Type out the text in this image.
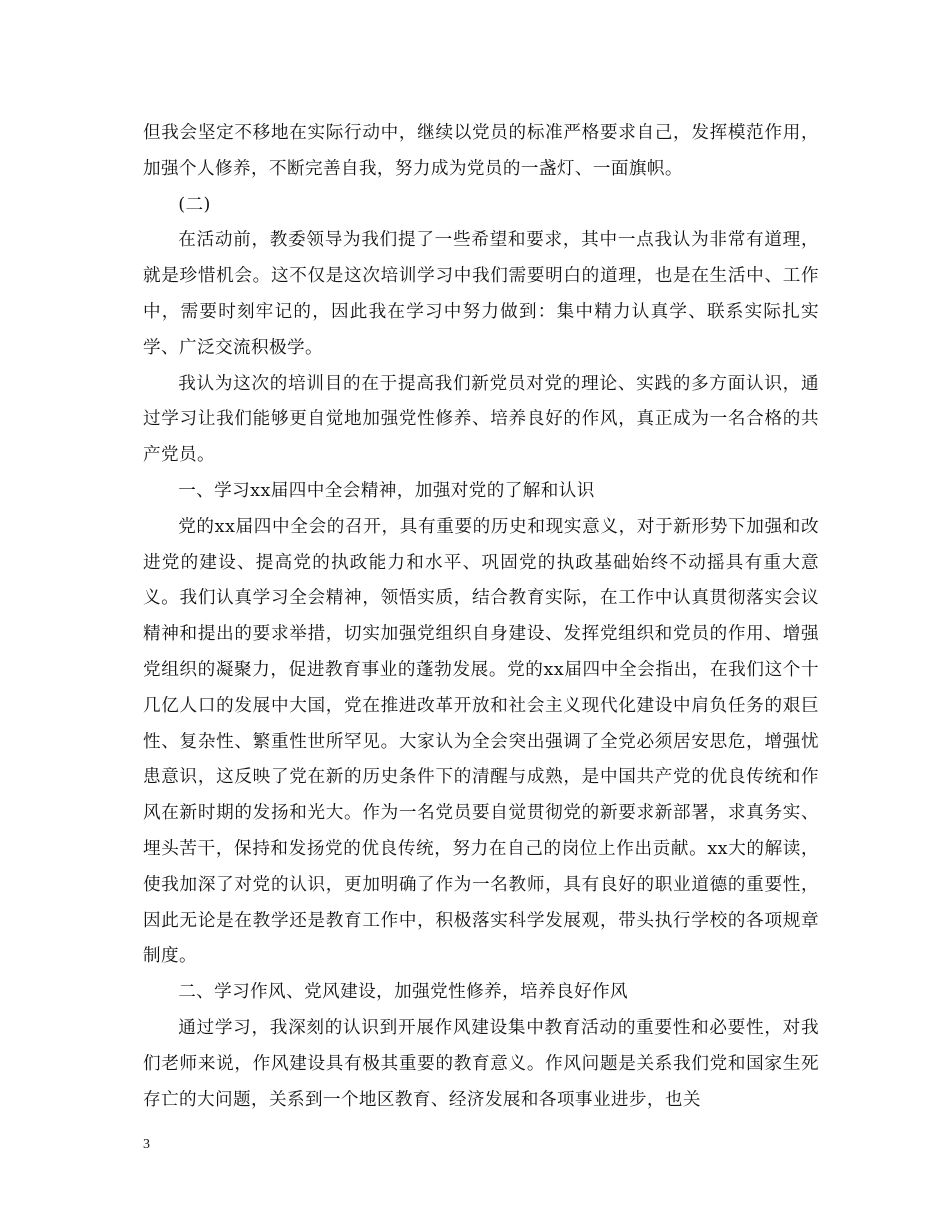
但我会坚定不移地在实际行动中，继续以党员的标准严格要求自己，发挥模范作用，加强个人修养，不断完善自我，努力成为党员的一盏灯、一面旗帜。

(二)

在活动前，教委领导为我们提了一些希望和要求，其中一点我认为非常有道理，就是珍惜机会。这不仅是这次培训学习中我们需要明白的道理，也是在生活中、工作中，需要时刻牢记的，因此我在学习中努力做到：集中精力认真学、联系实际扎实学、广泛交流积极学。

我认为这次的培训目的在于提高我们新党员对党的理论、实践的多方面认识，通过学习让我们能够更自觉地加强党性修养、培养良好的作风，真正成为一名合格的共产党员。

一、学习xx届四中全会精神，加强对党的了解和认识

党的xx届四中全会的召开，具有重要的历史和现实意义，对于新形势下加强和改进党的建设、提高党的执政能力和水平、巩固党的执政基础始终不动摇具有重大意义。我们认真学习全会精神，领悟实质，结合教育实际，在工作中认真贯彻落实会议精神和提出的要求举措，切实加强党组织自身建设、发挥党组织和党员的作用、增强党组织的凝聚力，促进教育事业的蓬勃发展。党的xx届四中全会指出，在我们这个十几亿人口的发展中大国，党在推进改革开放和社会主义现代化建设中肩负任务的艰巨性、复杂性、繁重性世所罕见。大家认为全会突出强调了全党必须居安思危，增强忧患意识，这反映了党在新的历史条件下的清醒与成熟，是中国共产党的优良传统和作风在新时期的发扬和光大。作为一名党员要自觉贯彻党的新要求新部署，求真务实、埋头苦干，保持和发扬党的优良传统，努力在自己的岗位上作出贡献。xx大的解读，使我加深了对党的认识，更加明确了作为一名教师，具有良好的职业道德的重要性，因此无论是在教学还是教育工作中，积极落实科学发展观，带头执行学校的各项规章制度。

二、学习作风、党风建设，加强党性修养，培养良好作风

通过学习，我深刻的认识到开展作风建设集中教育活动的重要性和必要性，对我们老师来说，作风建设具有极其重要的教育意义。作风问题是关系我们党和国家生死存亡的大问题，关系到一个地区教育、经济发展和各项事业进步，也关

3
